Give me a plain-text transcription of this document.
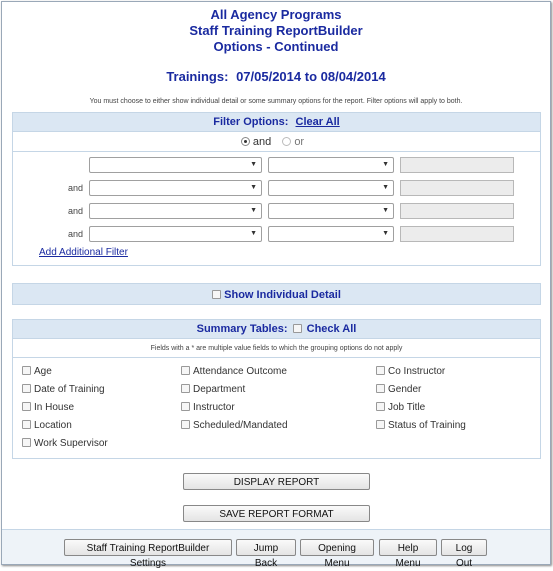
All Agency Programs
Staff Training ReportBuilder
Options - Continued
Trainings: 07/05/2014 to 08/04/2014
You must choose to either show individual detail or some summary options for the report. Filter options will apply to both.
Filter Options: Clear All
and or
▼	▼
and	▼	▼
and	▼	▼
and	▼	▼
Add Additional Filter
Show Individual Detail
Summary Tables: Check All
Fields with a * are multiple value fields to which the grouping options do not apply
Age	Attendance Outcome	Co Instructor
Date of Training	Department	Gender
In House	Instructor	Job Title
Location	Scheduled/Mandated	Status of Training
Work Supervisor
DISPLAY REPORT
SAVE REPORT FORMAT
Staff Training ReportBuilder Settings
Jump Back
Opening Menu
Help Menu
Log Out
